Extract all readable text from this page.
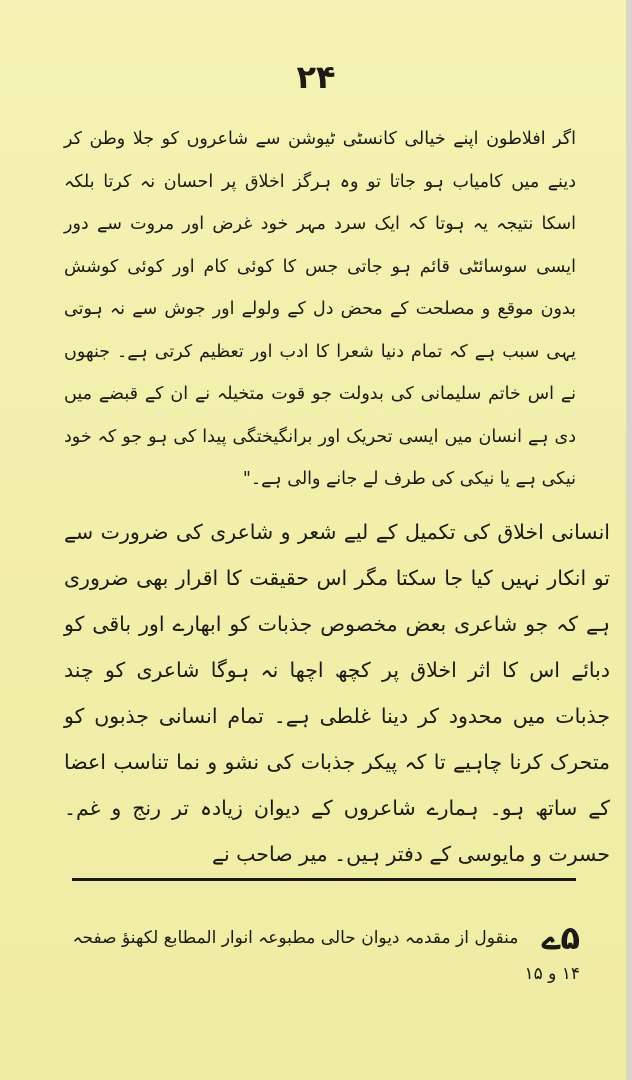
۲۴

اگر افلاطون اپنے خیالی کانسٹی ٹیوشن سے شاعروں کو جلا وطن کر دینے میں کامیاب ہو جاتا تو وہ ہرگز اخلاق پر احسان نہ کرتا بلکہ اسکا نتیجہ یہ ہوتا کہ ایک سرد مہر خود غرض اور مروت سے دور ایسی سوسائٹی قائم ہو جاتی جس کا کوئی کام اور کوئی کوشش بدون موقع و مصلحت کے محض دل کے ولولے اور جوش سے نہ ہوتی یہی سبب ہے کہ تمام دنیا شعرا کا ادب اور تعظیم کرتی ہے۔ جنھوں نے اس خاتم سلیمانی کی بدولت جو قوت متخیلہ نے ان کے قبضے میں دی ہے انسان میں ایسی تحریک اور برانگیختگی پیدا کی ہو جو کہ خود نیکی ہے یا نیکی کی طرف لے جانے والی ہے۔"

انسانی اخلاق کی تکمیل کے لیے شعر و شاعری کی ضرورت سے تو انکار نہیں کیا جا سکتا مگر اس حقیقت کا اقرار بھی ضروری ہے کہ جو شاعری بعض مخصوص جذبات کو ابھارے اور باقی کو دبائے اس کا اثر اخلاق پر کچھ اچھا نہ ہوگا شاعری کو چند جذبات میں محدود کر دینا غلطی ہے۔ تمام انسانی جذبوں کو متحرک کرنا چاہیے تا کہ پیکر جذبات کی نشو و نما تناسب اعضا کے ساتھ ہو۔ ہمارے شاعروں کے دیوان زیادہ تر رنج و غم۔ حسرت و مایوسی کے دفتر ہیں۔ میر صاحب نے

۵ے منقول از مقدمہ دیوان حالی مطبوعہ انوار المطابع لکھنؤ صفحہ ۱۴ و ۱۵
